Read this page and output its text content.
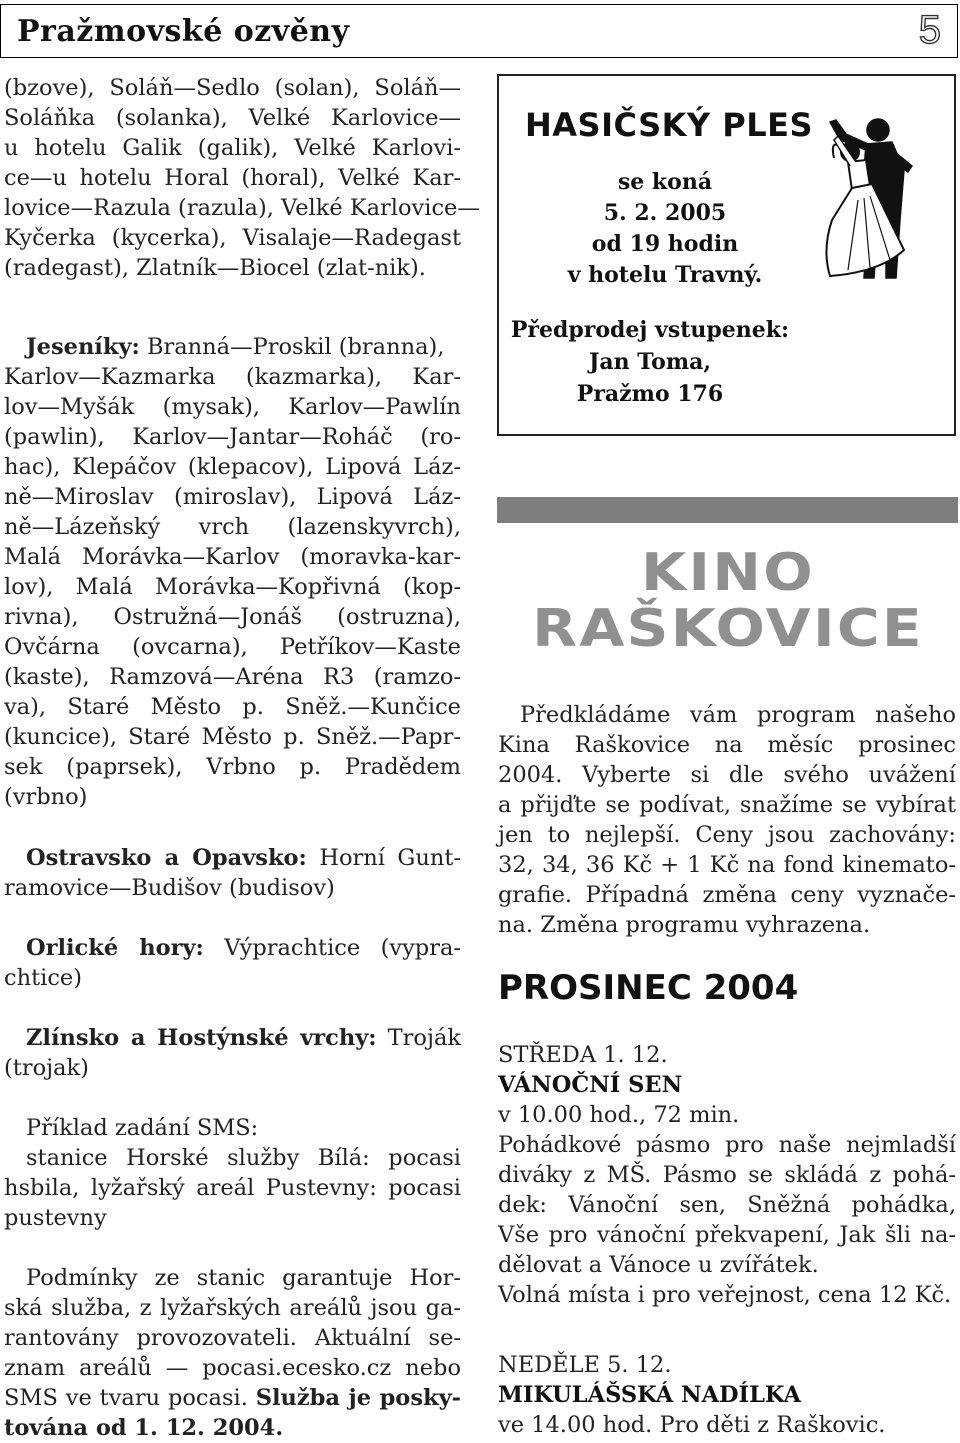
Pražmovské ozvěny	5
(bzove), Soláň—Sedlo (solan), Soláň—
Soláňka (solanka), Velké Karlovice—
u hotelu Galik (galik), Velké Karlovi-
ce—u hotelu Horal (horal), Velké Kar-
lovice—Razula (razula), Velké Karlovice—
Kyčerka (kycerka), Visalaje—Radegast
(radegast), Zlatník—Biocel (zlat-nik).
Jeseníky: Branná—Proskil (branna),
Karlov—Kazmarka (kazmarka), Kar-
lov—Myšák (mysak), Karlov—Pawlín
(pawlin), Karlov—Jantar—Roháč (ro-
hac), Klepáčov (klepacov), Lipová Láz-
ně—Miroslav (miroslav), Lipová Láz-
ně—Lázeňský vrch (lazenskyvrch),
Malá Morávka—Karlov (moravka-kar-
lov), Malá Morávka—Kopřivná (kop-
rivna), Ostružná—Jonáš (ostruzna),
Ovčárna (ovcarna), Petříkov—Kaste
(kaste), Ramzová—Aréna R3 (ramzo-
va), Staré Město p. Sněž.—Kunčice
(kuncice), Staré Město p. Sněž.—Papr-
sek (paprsek), Vrbno p. Pradědem
(vrbno)
Ostravsko a Opavsko: Horní Gunt-
ramovice—Budišov (budisov)
Orlické hory: Výprachtice (vypra-
chtice)
Zlínsko a Hostýnské vrchy: Troják
(trojak)
Příklad zadání SMS:
stanice Horské služby Bílá: pocasi
hsbila, lyžařský areál Pustevny: pocasi
pustevny
Podmínky ze stanic garantuje Hor-
ská služba, z lyžařských areálů jsou ga-
rantovány provozovateli. Aktuální se-
znam areálů — pocasi.ecesko.cz nebo
SMS ve tvaru pocasi. Služba je posky-
tována od 1. 12. 2004.
HASIČSKÝ PLES
se koná
5. 2. 2005
od 19 hodin
v hotelu Travný.
Předprodej vstupenek:
Jan Toma,
Pražmo 176
KINO
RAŠKOVICE
Předkládáme vám program našeho
Kina Raškovice na měsíc prosinec
2004. Vyberte si dle svého uvážení
a přijďte se podívat, snažíme se vybírat
jen to nejlepší. Ceny jsou zachovány:
32, 34, 36 Kč + 1 Kč na fond kinemato-
grafie. Případná změna ceny vyznače-
na. Změna programu vyhrazena.
PROSINEC 2004
STŘEDA 1. 12.
VÁNOČNÍ SEN
v 10.00 hod., 72 min.
Pohádkové pásmo pro naše nejmladší
diváky z MŠ. Pásmo se skládá z pohá-
dek: Vánoční sen, Sněžná pohádka,
Vše pro vánoční překvapení, Jak šli na-
dělovat a Vánoce u zvířátek.
Volná místa i pro veřejnost, cena 12 Kč.
NEDĚLE 5. 12.
MIKULÁŠSKÁ NADÍLKA
ve 14.00 hod. Pro děti z Raškovic.
